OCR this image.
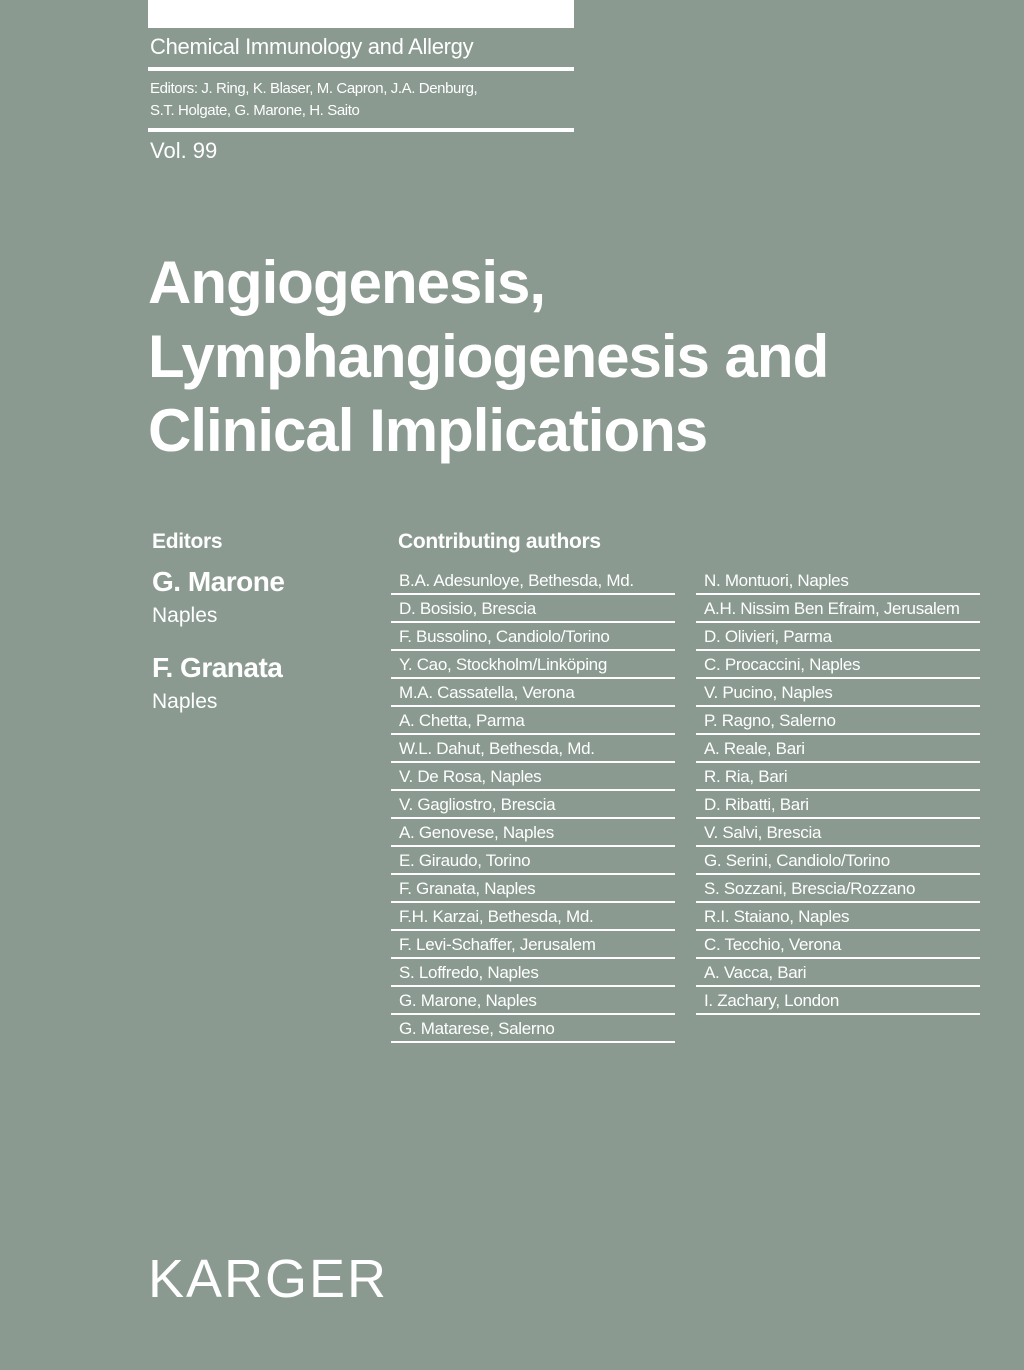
Chemical Immunology and Allergy
Editors: J. Ring, K. Blaser, M. Capron, J.A. Denburg,
S.T. Holgate, G. Marone, H. Saito
Vol. 99
Angiogenesis,
Lymphangiogenesis and
Clinical Implications
Editors
G. Marone
Naples
F. Granata
Naples
Contributing authors
B.A. Adesunloye, Bethesda, Md.
D. Bosisio, Brescia
F. Bussolino, Candiolo/Torino
Y. Cao, Stockholm/Linköping
M.A. Cassatella, Verona
A. Chetta, Parma
W.L. Dahut, Bethesda, Md.
V. De Rosa, Naples
V. Gagliostro, Brescia
A. Genovese, Naples
E. Giraudo, Torino
F. Granata, Naples
F.H. Karzai, Bethesda, Md.
F. Levi-Schaffer, Jerusalem
S. Loffredo, Naples
G. Marone, Naples
G. Matarese, Salerno
N. Montuori, Naples
A.H. Nissim Ben Efraim, Jerusalem
D. Olivieri, Parma
C. Procaccini, Naples
V. Pucino, Naples
P. Ragno, Salerno
A. Reale, Bari
R. Ria, Bari
D. Ribatti, Bari
V. Salvi, Brescia
G. Serini, Candiolo/Torino
S. Sozzani, Brescia/Rozzano
R.I. Staiano, Naples
C. Tecchio, Verona
A. Vacca, Bari
I. Zachary, London
KARGER
